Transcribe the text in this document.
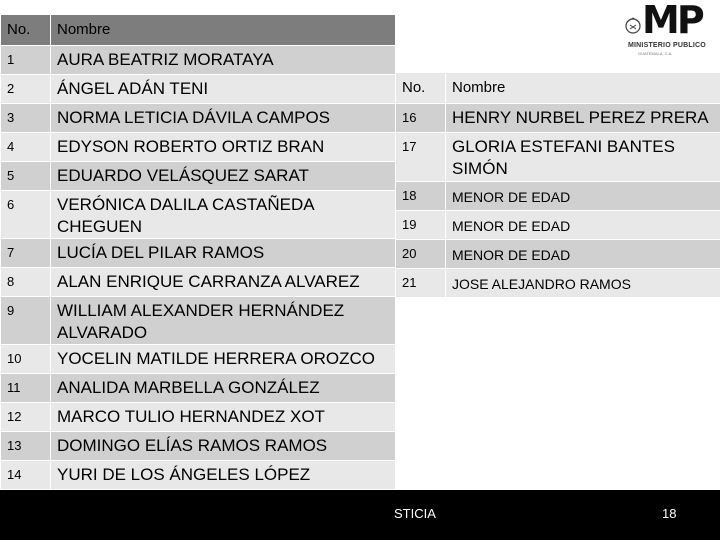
MP
MINISTERIO PUBLICO
GUATEMALA, C.A.
No.	Nombre
1	AURA BEATRIZ MORATAYA
2	ÁNGEL ADÁN TENI
3	NORMA LETICIA DÁVILA CAMPOS
4	EDYSON ROBERTO ORTIZ BRAN
5	EDUARDO VELÁSQUEZ SARAT
6	VERÓNICA DALILA CASTAÑEDA CHEGUEN
7	LUCÍA DEL PILAR RAMOS
8	ALAN ENRIQUE CARRANZA ALVAREZ
9	WILLIAM ALEXANDER HERNÁNDEZ ALVARADO
10	YOCELIN MATILDE HERRERA OROZCO
11	ANALIDA MARBELLA GONZÁLEZ
12	MARCO TULIO HERNANDEZ XOT
13	DOMINGO ELÍAS RAMOS RAMOS
14	YURI DE LOS ÁNGELES LÓPEZ

No.	Nombre
16	HENRY NURBEL PEREZ PRERA
17	GLORIA ESTEFANI BANTES SIMÓN
18	MENOR DE EDAD
19	MENOR DE EDAD
20	MENOR DE EDAD
21	JOSE ALEJANDRO RAMOS
STICIA	18
